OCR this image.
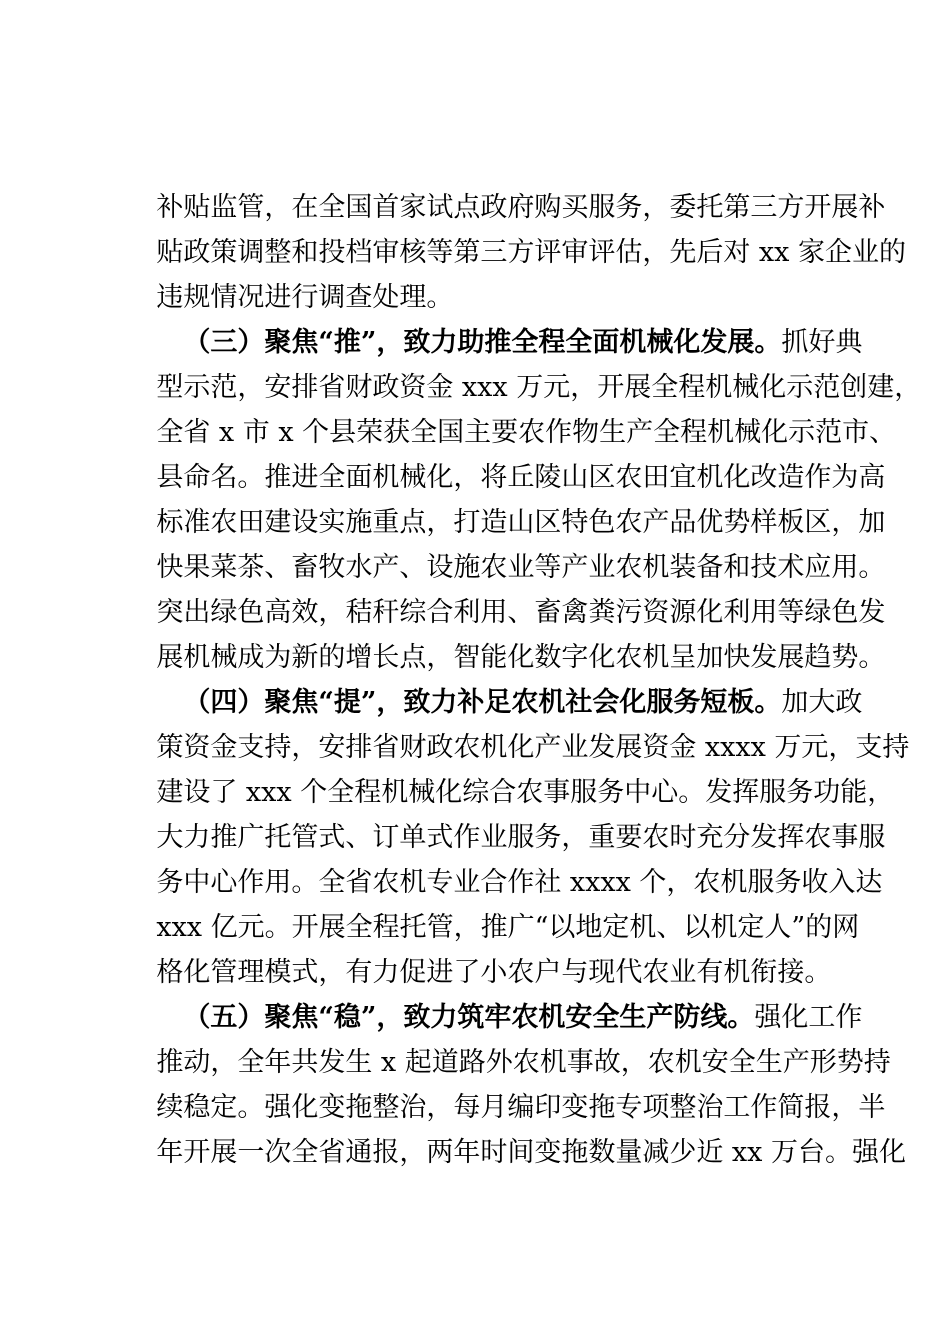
补贴监管，在全国首家试点政府购买服务，委托第三方开展补

贴政策调整和投档审核等第三方评审评估，先后对 xx 家企业的

违规情况进行调查处理。

（三）聚焦“推”，致力助推全程全面机械化发展。抓好典

型示范，安排省财政资金 xxx 万元，开展全程机械化示范创建，

全省 x 市 x 个县荣获全国主要农作物生产全程机械化示范市、

县命名。推进全面机械化，将丘陵山区农田宜机化改造作为高

标准农田建设实施重点，打造山区特色农产品优势样板区，加

快果菜茶、畜牧水产、设施农业等产业农机装备和技术应用。

突出绿色高效，秸秆综合利用、畜禽粪污资源化利用等绿色发

展机械成为新的增长点，智能化数字化农机呈加快发展趋势。

（四）聚焦“提”，致力补足农机社会化服务短板。加大政

策资金支持，安排省财政农机化产业发展资金 xxxx 万元，支持

建设了 xxx 个全程机械化综合农事服务中心。发挥服务功能，

大力推广托管式、订单式作业服务，重要农时充分发挥农事服

务中心作用。全省农机专业合作社 xxxx 个，农机服务收入达

xxx 亿元。开展全程托管，推广“以地定机、以机定人”的网

格化管理模式，有力促进了小农户与现代农业有机衔接。

（五）聚焦“稳”，致力筑牢农机安全生产防线。强化工作

推动，全年共发生 x 起道路外农机事故，农机安全生产形势持

续稳定。强化变拖整治，每月编印变拖专项整治工作简报，半

年开展一次全省通报，两年时间变拖数量减少近 xx 万台。强化
